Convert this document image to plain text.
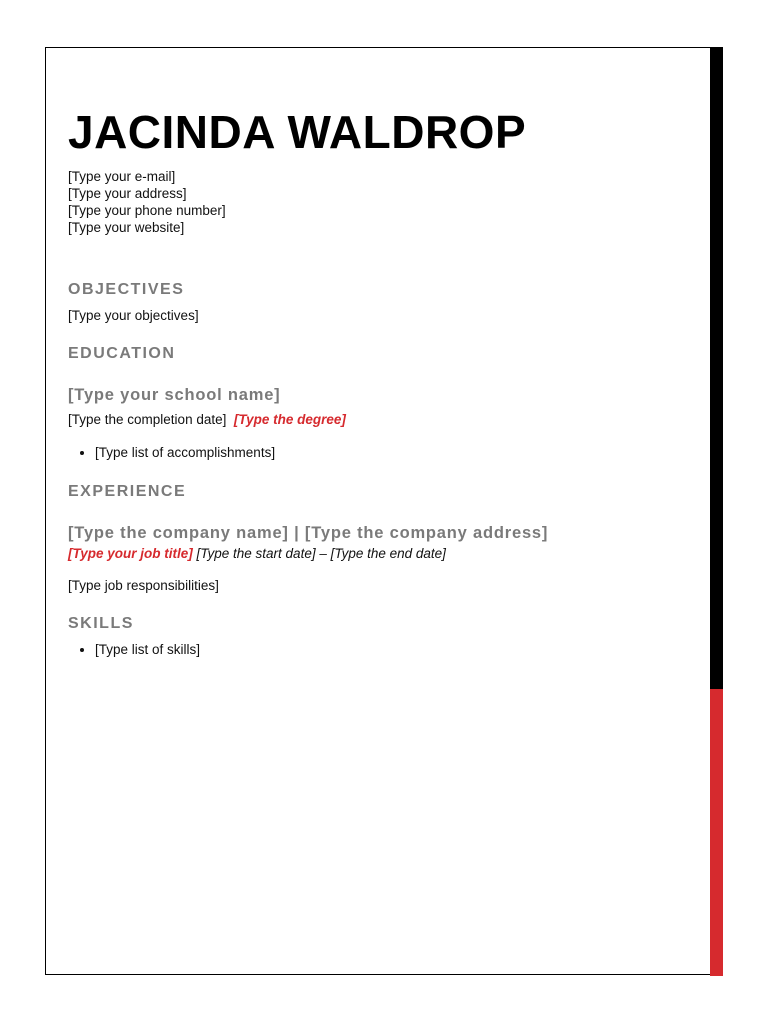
JACINDA WALDROP
[Type your e-mail]
[Type your address]
[Type your phone number]
[Type your website]
OBJECTIVES
[Type your objectives]
EDUCATION
[Type your school name]
[Type the completion date] [Type the degree]
• [Type list of accomplishments]
EXPERIENCE
[Type the company name] | [Type the company address]
[Type your job title] [Type the start date] – [Type the end date]
[Type job responsibilities]
SKILLS
• [Type list of skills]
